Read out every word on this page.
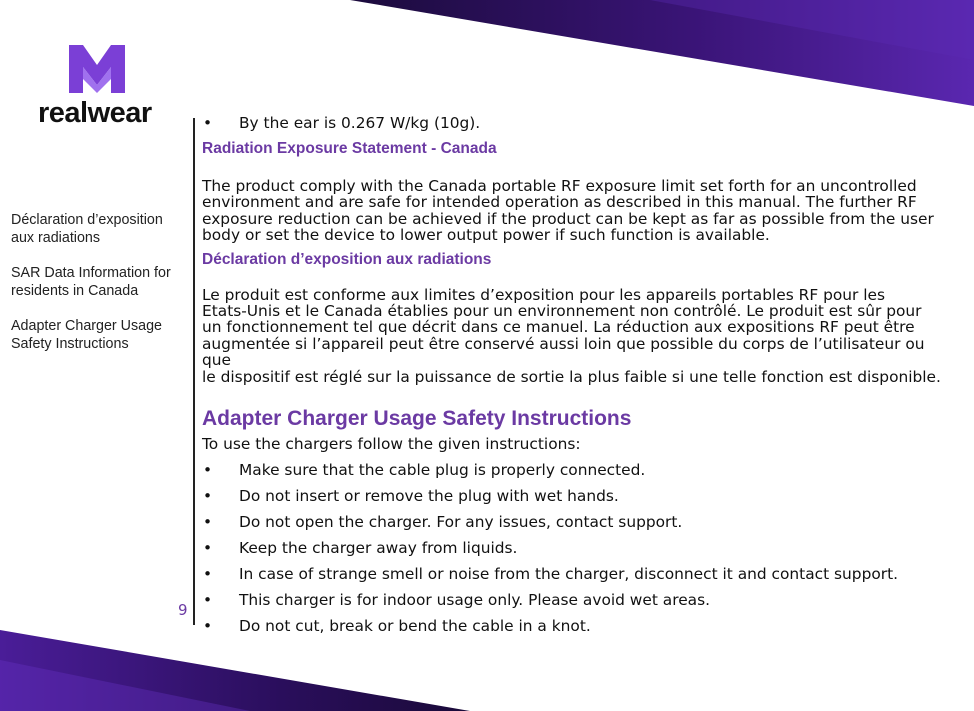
realwear
Déclaration d’exposition aux radiations
SAR Data Information for residents in Canada
Adapter Charger Usage Safety Instructions
9
• By the ear is 0.267 W/kg (10g).
Radiation Exposure Statement - Canada
The product comply with the Canada portable RF exposure limit set forth for an uncontrolled
environment and are safe for intended operation as described in this manual. The further RF
exposure reduction can be achieved if the product can be kept as far as possible from the user
body or set the device to lower output power if such function is available.
Déclaration d’exposition aux radiations
Le produit est conforme aux limites d’exposition pour les appareils portables RF pour les
Etats-Unis et le Canada établies pour un environnement non contrôlé. Le produit est sûr pour
un fonctionnement tel que décrit dans ce manuel. La réduction aux expositions RF peut être
augmentée si l’appareil peut être conservé aussi loin que possible du corps de l’utilisateur ou que
le dispositif est réglé sur la puissance de sortie la plus faible si une telle fonction est disponible.
Adapter Charger Usage Safety Instructions
To use the chargers follow the given instructions:
• Make sure that the cable plug is properly connected.
• Do not insert or remove the plug with wet hands.
• Do not open the charger. For any issues, contact support.
• Keep the charger away from liquids.
• In case of strange smell or noise from the charger, disconnect it and contact support.
• This charger is for indoor usage only. Please avoid wet areas.
• Do not cut, break or bend the cable in a knot.
